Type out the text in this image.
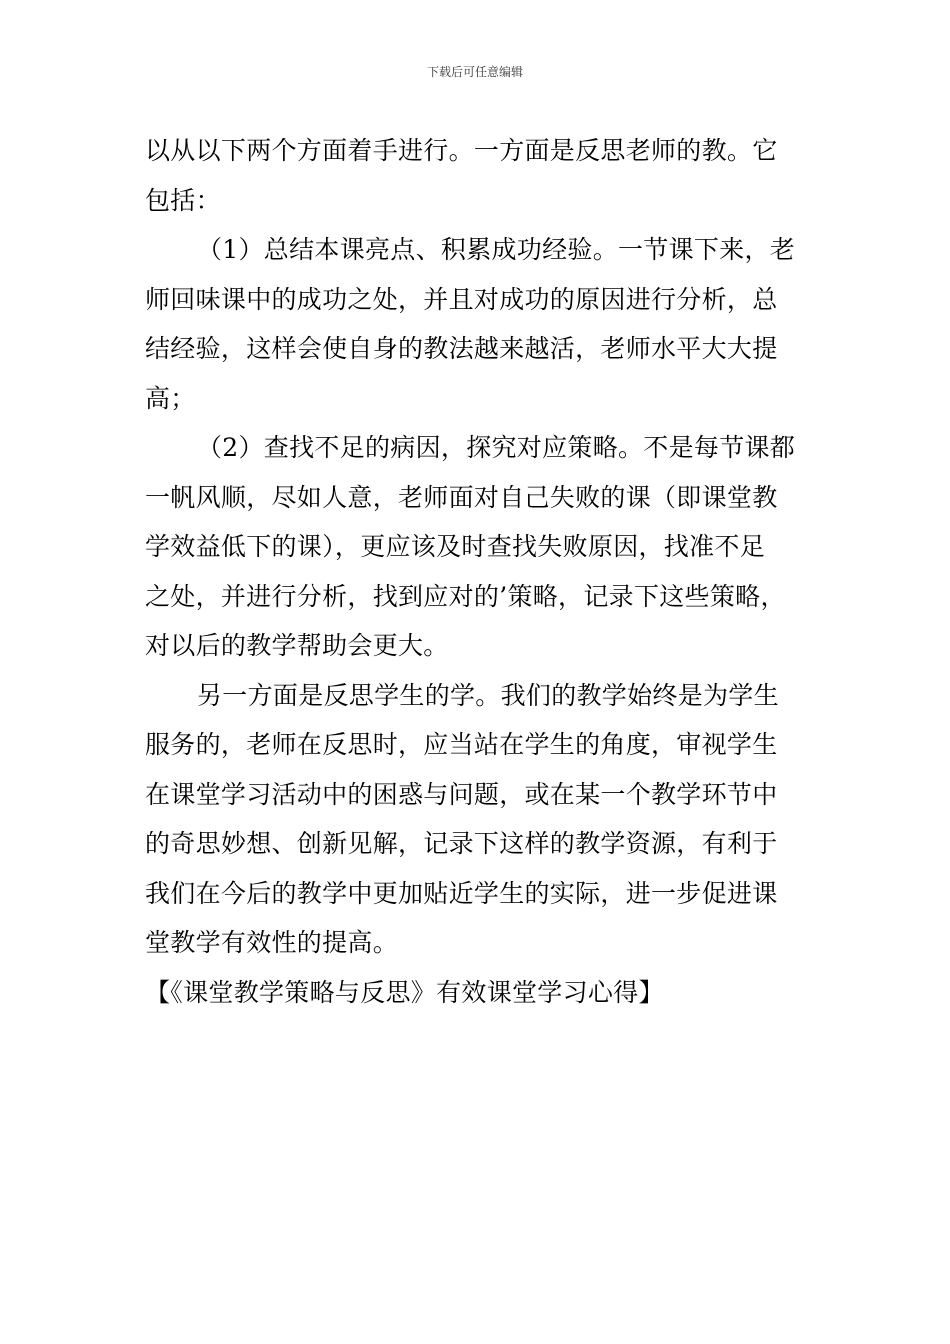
下载后可任意编辑
以从以下两个方面着手进行。一方面是反思老师的教。它
包括：
（1）总结本课亮点、积累成功经验。一节课下来，老
师回味课中的成功之处，并且对成功的原因进行分析，总
结经验，这样会使自身的教法越来越活，老师水平大大提
高；
（2）查找不足的病因，探究对应策略。不是每节课都
一帆风顺，尽如人意，老师面对自己失败的课（即课堂教
学效益低下的课），更应该及时查找失败原因，找准不足
之处，并进行分析，找到应对的’策略，记录下这些策略，
对以后的教学帮助会更大。
另一方面是反思学生的学。我们的教学始终是为学生
服务的，老师在反思时，应当站在学生的角度，审视学生
在课堂学习活动中的困惑与问题，或在某一个教学环节中
的奇思妙想、创新见解，记录下这样的教学资源，有利于
我们在今后的教学中更加贴近学生的实际，进一步促进课
堂教学有效性的提高。
【《课堂教学策略与反思》有效课堂学习心得】
